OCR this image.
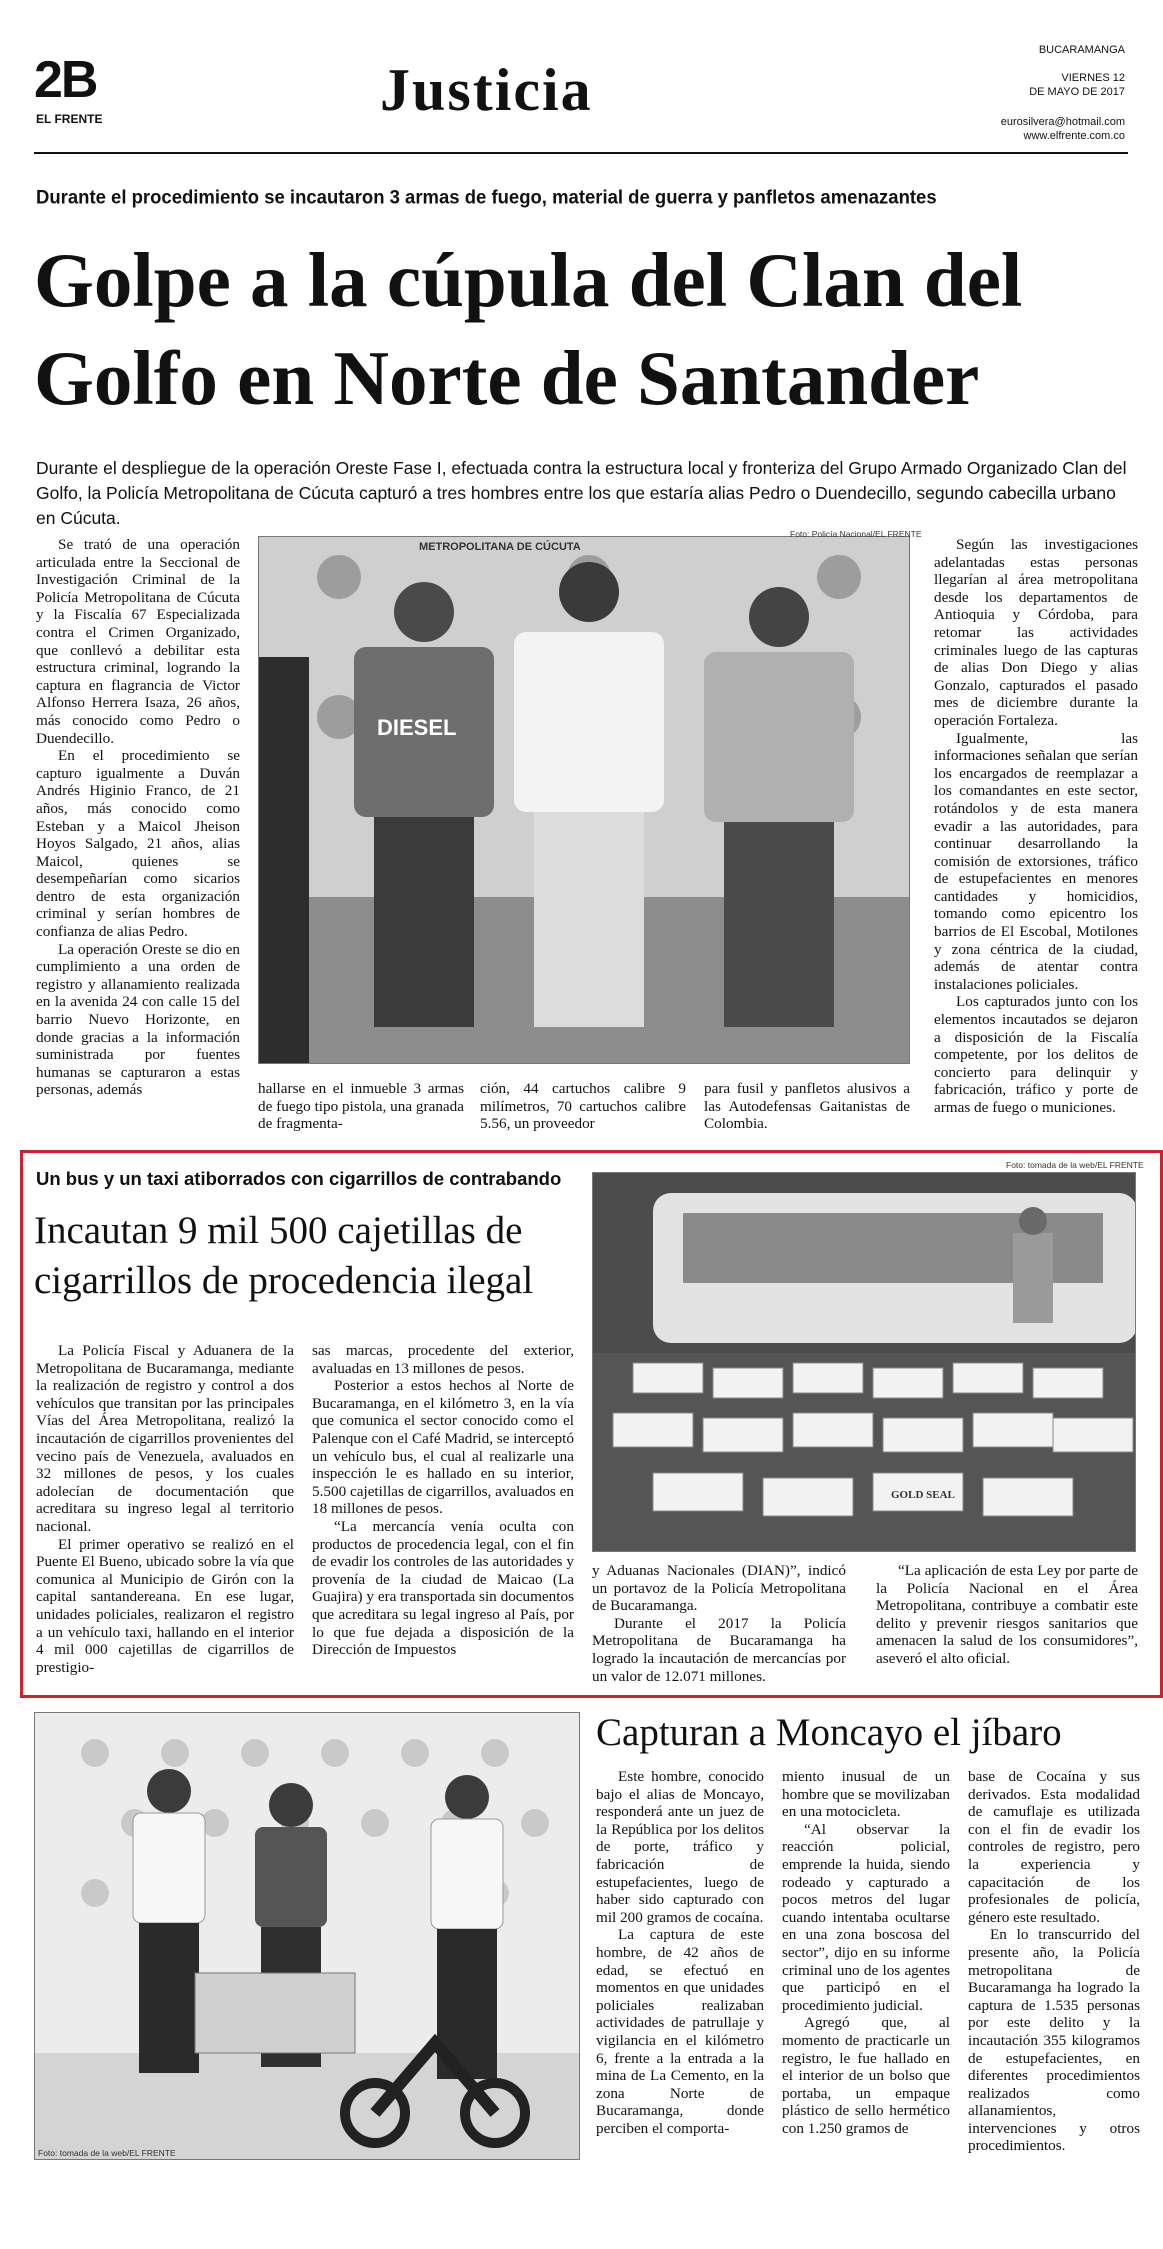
2B
EL FRENTE	Justicia
BUCARAMANGA
VIERNES 12
DE MAYO DE 2017
eurosilvera@hotmail.com
www.elfrente.com.co
Durante el procedimiento se incautaron 3 armas de fuego, material de guerra y panfletos amenazantes
Golpe a la cúpula del Clan del
Golfo en Norte de Santander
Durante el despliegue de la operación Oreste Fase I, efectuada contra la estructura local y fronteriza del Grupo Armado Organizado Clan del Golfo, la Policía Metropolitana de Cúcuta capturó a tres hombres entre los que estaría alias Pedro o Duendecillo, segundo cabecilla urbano en Cúcuta.

Se trató de una operación articulada entre la Seccional de Investigación Criminal de la Policía Metropolitana de Cúcuta y la Fiscalía 67 Especializada contra el Crimen Organizado, que conllevó a debilitar esta estructura criminal, logrando la captura en flagrancia de Victor Alfonso Herrera Isaza, 26 años, más conocido como Pedro o Duendecillo.

En el procedimiento se capturo igualmente a Duván Andrés Higinio Franco, de 21 años, más conocido como Esteban y a Maicol Jheison Hoyos Salgado, 21 años, alias Maicol, quienes se desempeñarían como sicarios dentro de esta organización criminal y serían hombres de confianza de alias Pedro.

La operación Oreste se dio en cumplimiento a una orden de registro y allanamiento realizada en la avenida 24 con calle 15 del barrio Nuevo Horizonte, en donde gracias a la información suministrada por fuentes humanas se capturaron a estas personas, además

METROPOLITANA DE CÚCUTA
DIESEL
Foto: Policía Nacional/EL FRENTE

hallarse en el inmueble 3 armas de fuego tipo pistola, una granada de fragmenta-

ción, 44 cartuchos calibre 9 milímetros, 70 cartuchos calibre 5.56, un proveedor

para fusil y panfletos alusivos a las Autodefensas Gaitanistas de Colombia.

Según las investigaciones adelantadas estas personas llegarían al área metropolitana desde los departamentos de Antioquia y Córdoba, para retomar las actividades criminales luego de las capturas de alias Don Diego y alias Gonzalo, capturados el pasado mes de diciembre durante la operación Fortaleza.

Igualmente, las informaciones señalan que serían los encargados de reemplazar a los comandantes en este sector, rotándolos y de esta manera evadir a las autoridades, para continuar desarrollando la comisión de extorsiones, tráfico de estupefacientes en menores cantidades y homicidios, tomando como epicentro los barrios de El Escobal, Motilones y zona céntrica de la ciudad, además de atentar contra instalaciones policiales.

Los capturados junto con los elementos incautados se dejaron a disposición de la Fiscalía competente, por los delitos de concierto para delinquir y fabricación, tráfico y porte de armas de fuego o municiones.

Un bus y un taxi atiborrados con cigarrillos de contrabando
Incautan 9 mil 500 cajetillas de
cigarrillos de procedencia ilegal

La Policía Fiscal y Aduanera de la Metropolitana de Bucaramanga, mediante la realización de registro y control a dos vehículos que transitan por las principales Vías del Área Metropolitana, realizó la incautación de cigarrillos provenientes del vecino país de Venezuela, avaluados en 32 millones de pesos, y los cuales adolecían de documentación que acreditara su ingreso legal al territorio nacional.

El primer operativo se realizó en el Puente El Bueno, ubicado sobre la vía que comunica al Municipio de Girón con la capital santandereana. En ese lugar, unidades policiales, realizaron el registro a un vehículo taxi, hallando en el interior 4 mil 000 cajetillas de cigarrillos de prestigio-

sas marcas, procedente del exterior, avaluadas en 13 millones de pesos.

Posterior a estos hechos al Norte de Bucaramanga, en el kilómetro 3, en la vía que comunica el sector conocido como el Palenque con el Café Madrid, se interceptó un vehículo bus, el cual al realizarle una inspección le es hallado en su interior, 5.500 cajetillas de cigarrillos, avaluados en 18 millones de pesos.

“La mercancía venía oculta con productos de procedencia legal, con el fin de evadir los controles de las autoridades y provenía de la ciudad de Maicao (La Guajira) y era transportada sin documentos que acreditara su legal ingreso al País, por lo que fue dejada a disposición de la Dirección de Impuestos

GOLD SEAL
Foto: tomada de la web/EL FRENTE

y Aduanas Nacionales (DIAN)”, indicó un portavoz de la Policía Metropolitana de Bucaramanga.

Durante el 2017 la Policía Metropolitana de Bucaramanga ha logrado la incautación de mercancías por un valor de 12.071 millones.

“La aplicación de esta Ley por parte de la Policía Nacional en el Área Metropolitana, contribuye a combatir este delito y prevenir riesgos sanitarios que amenacen la salud de los consumidores”, aseveró el alto oficial.

Foto: tomada de la web/EL FRENTE
Capturan a Moncayo el jíbaro

Este hombre, conocido bajo el alias de Moncayo, responderá ante un juez de la República por los delitos de porte, tráfico y fabricación de estupefacientes, luego de haber sido capturado con mil 200 gramos de cocaína.

La captura de este hombre, de 42 años de edad, se efectuó en momentos en que unidades policiales realizaban actividades de patrullaje y vigilancia en el kilómetro 6, frente a la entrada a la mina de La Cemento, en la zona Norte de Bucaramanga, donde perciben el comporta-

miento inusual de un hombre que se movilizaban en una motocicleta.

“Al observar la reacción policial, emprende la huida, siendo rodeado y capturado a pocos metros del lugar cuando intentaba ocultarse en una zona boscosa del sector”, dijo en su informe criminal uno de los agentes que participó en el procedimiento judicial.

Agregó que, al momento de practicarle un registro, le fue hallado en el interior de un bolso que portaba, un empaque plástico de sello hermético con 1.250 gramos de

base de Cocaína y sus derivados. Esta modalidad de camuflaje es utilizada con el fin de evadir los controles de registro, pero la experiencia y capacitación de los profesionales de policía, género este resultado.

En lo transcurrido del presente año, la Policía metropolitana de Bucaramanga ha logrado la captura de 1.535 personas por este delito y la incautación 355 kilogramos de estupefacientes, en diferentes procedimientos realizados como allanamientos, intervenciones y otros procedimientos.
